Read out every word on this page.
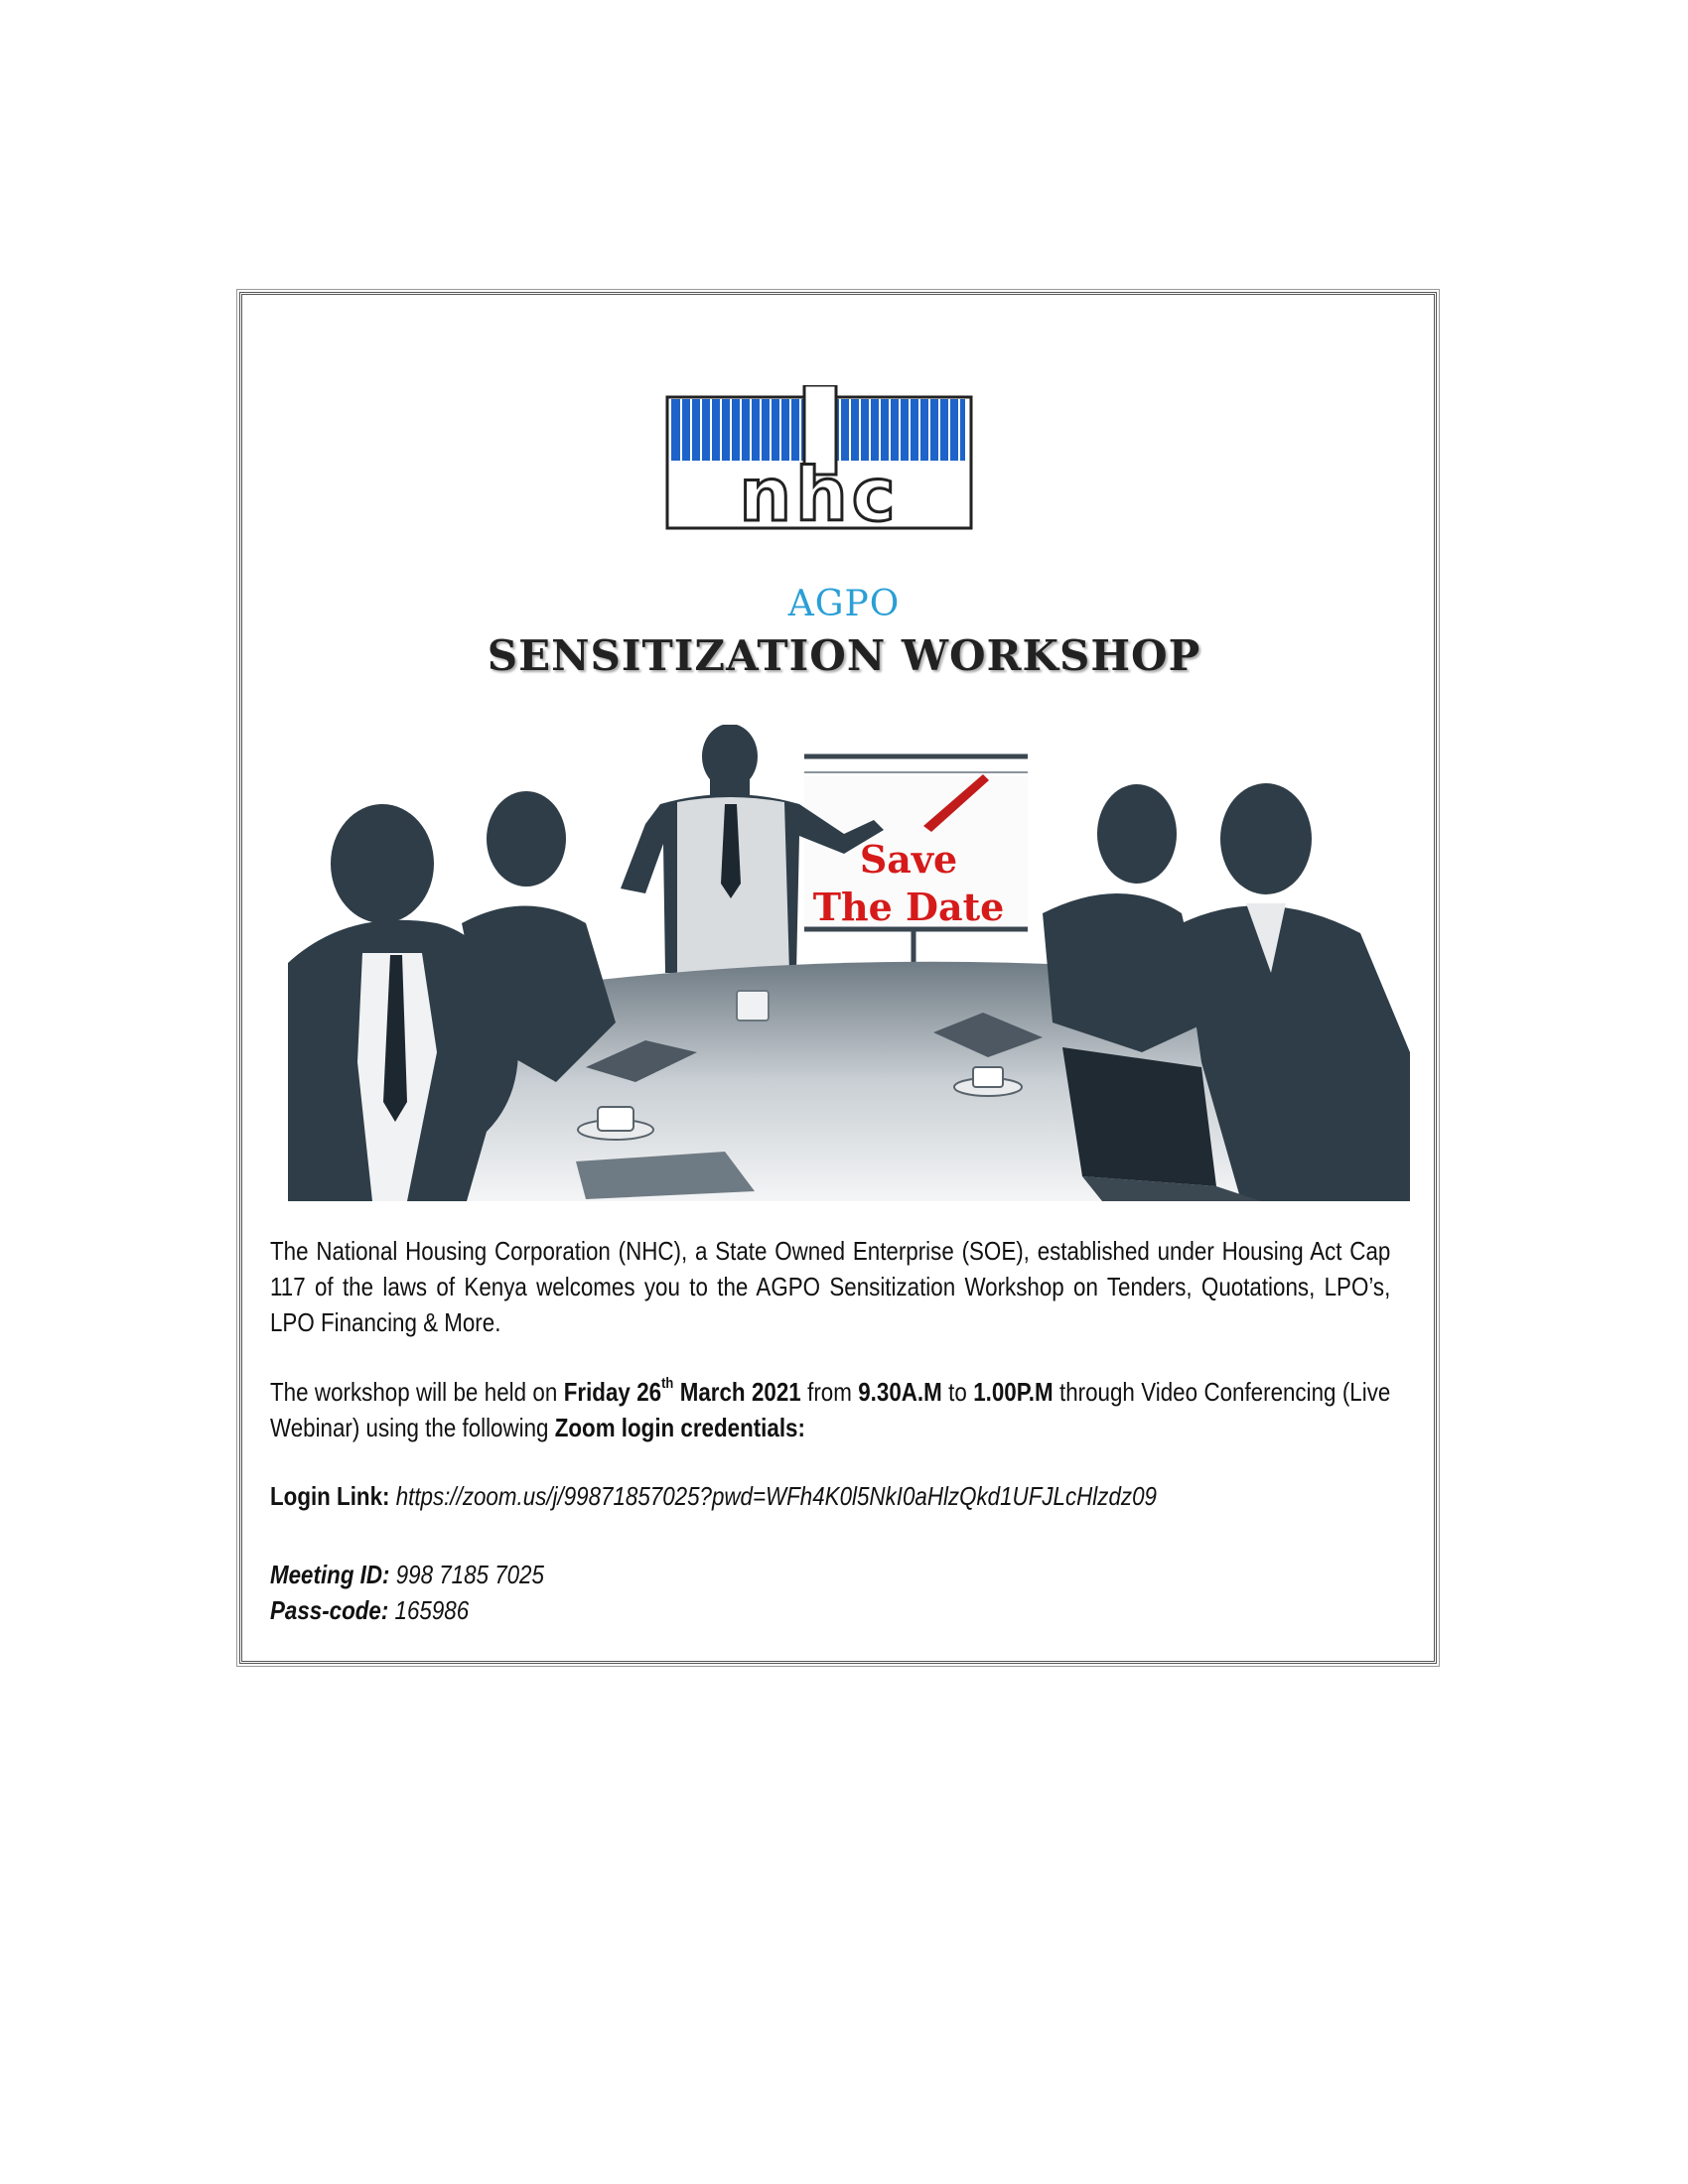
nhc
AGPO
SENSITIZATION WORKSHOP
Save
The Date
The National Housing Corporation (NHC), a State Owned Enterprise (SOE), established under Housing Act Cap 117 of the laws of Kenya welcomes you to the AGPO Sensitization Workshop on Tenders, Quotations, LPO’s, LPO Financing & More.
The workshop will be held on Friday 26th March 2021 from 9.30A.M to 1.00P.M through Video Conferencing (Live Webinar) using the following Zoom login credentials:
Login Link: https://zoom.us/j/99871857025?pwd=WFh4K0l5NkI0aHlzQkd1UFJLcHlzdz09
Meeting ID: 998 7185 7025
Pass-code: 165986
